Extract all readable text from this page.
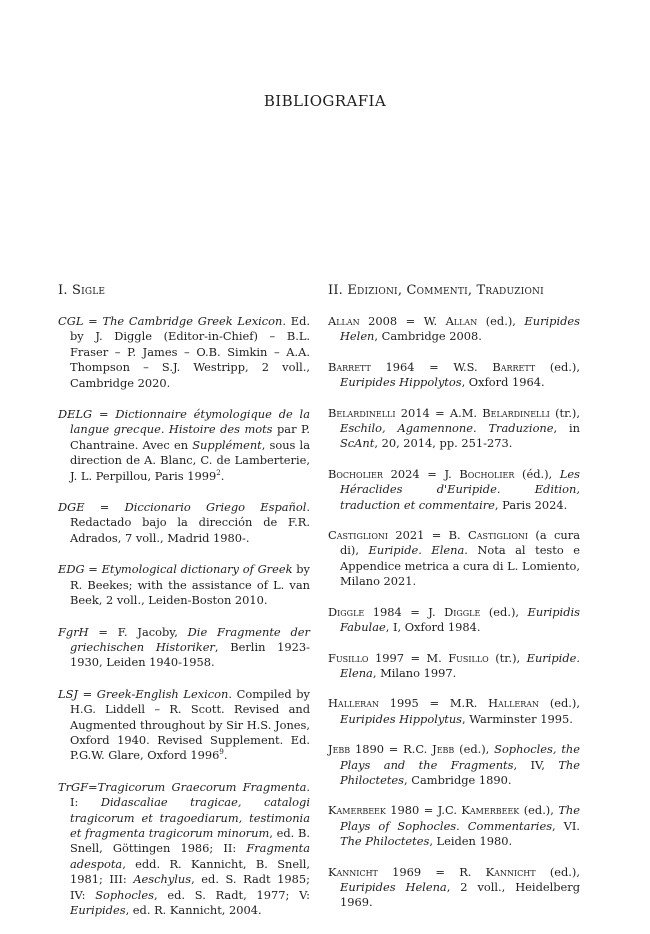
BIBLIOGRAFIA
I. Sigle

CGL = The Cambridge Greek Lexicon. Ed. by J. Diggle (Editor-in-Chief) – B.L. Fraser – P. James – O.B. Simkin – A.A. Thompson – S.J. Westripp, 2 voll., Cambridge 2020.

DELG = Dictionnaire étymologique de la langue grecque. Histoire des mots par P. Chantraine. Avec en Supplément, sous la direction de A. Blanc, C. de Lamberterie, J. L. Perpillou, Paris 1999$^2$.

DGE = Diccionario Griego Español. Redactado bajo la dirección de F.R. Adrados, 7 voll., Madrid 1980-.

EDG = Etymological dictionary of Greek by R. Beekes; with the assistance of L. van Beek, 2 voll., Leiden-Boston 2010.

FgrH = F. Jacoby, Die Fragmente der griechischen Historiker, Berlin 1923-1930, Leiden 1940-1958.

LSJ = Greek-English Lexicon. Compiled by H.G. Liddell – R. Scott. Revised and Augmented throughout by Sir H.S. Jones, Oxford 1940. Revised Supplement. Ed. P.G.W. Glare, Oxford 1996$^9$.

TrGF=Tragicorum Graecorum Fragmenta. I: Didascaliae tragicae, catalogi tragicorum et tragoediarum, testimonia et fragmenta tragicorum minorum, ed. B. Snell, Göttingen 1986; II: Fragmenta adespota, edd. R. Kannicht, B. Snell, 1981; III: Aeschylus, ed. S. Radt 1985; IV: Sophocles, ed. S. Radt, 1977; V: Euripides, ed. R. Kannicht, 2004.

II. Edizioni, Commenti, Traduzioni

Allan 2008 = W. Allan (ed.), Euripides Helen, Cambridge 2008.

Barrett 1964 = W.S. Barrett (ed.), Euripides Hippolytos, Oxford 1964.

Belardinelli 2014 = A.M. Belardinelli (tr.), Eschilo, Agamennone. Traduzione, in ScAnt, 20, 2014, pp. 251-273.

Bocholier 2024 = J. Bocholier (éd.), Les Héraclides d'Euripide. Edition, traduction et commentaire, Paris 2024.

Castiglioni 2021 = B. Castiglioni (a cura di), Euripide. Elena. Nota al testo e Appendice metrica a cura di L. Lomiento, Milano 2021.

Diggle 1984 = J. Diggle (ed.), Euripidis Fabulae, I, Oxford 1984.

Fusillo 1997 = M. Fusillo (tr.), Euripide. Elena, Milano 1997.

Halleran 1995 = M.R. Halleran (ed.), Euripides Hippolytus, Warminster 1995.

Jebb 1890 = R.C. Jebb (ed.), Sophocles, the Plays and the Fragments, IV, The Philoctetes, Cambridge 1890.

Kamerbeek 1980 = J.C. Kamerbeek (ed.), The Plays of Sophocles. Commentaries, VI. The Philoctetes, Leiden 1980.

Kannicht 1969 = R. Kannicht (ed.), Euripides Helena, 2 voll., Heidelberg 1969.
